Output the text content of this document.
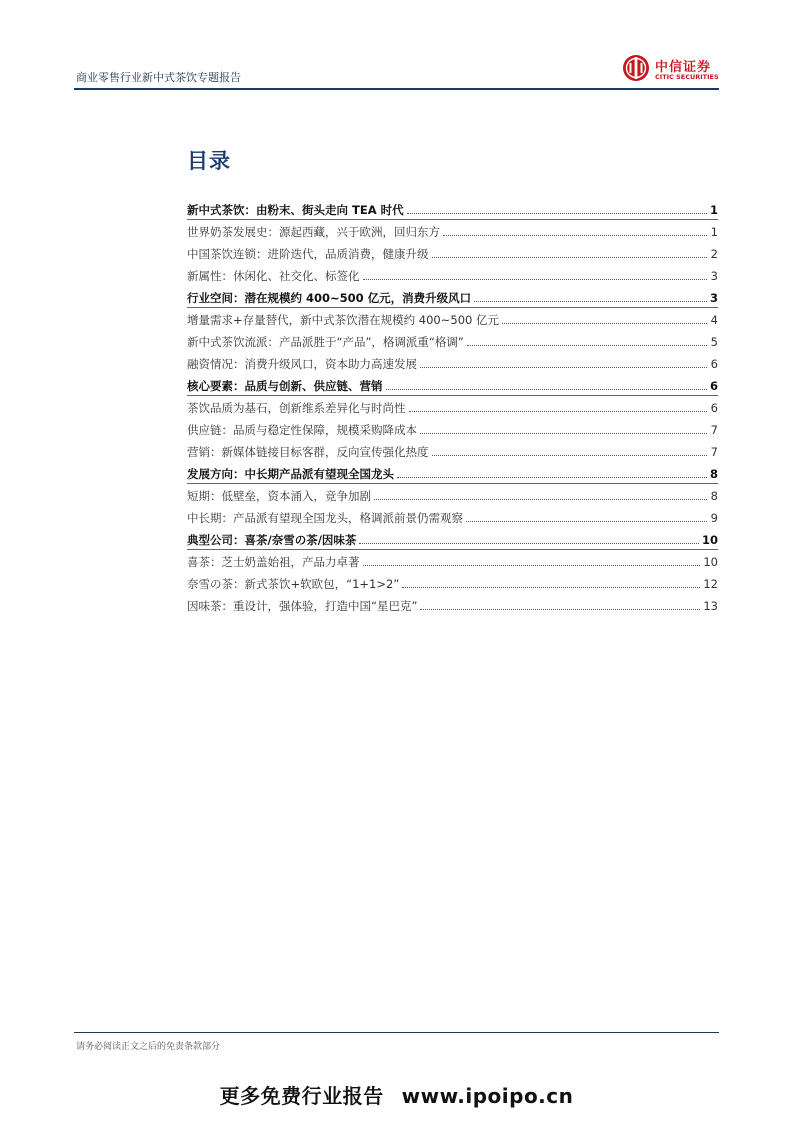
商业零售行业新中式茶饮专题报告
中信证券
CITIC SECURITIES
目录
新中式茶饮：由粉末、街头走向 TEA 时代	1
世界奶茶发展史：源起西藏，兴于欧洲，回归东方	1
中国茶饮连锁：进阶迭代，品质消费，健康升级	2
新属性：休闲化、社交化、标签化	3
行业空间：潜在规模约 400~500 亿元，消费升级风口	3
增量需求+存量替代，新中式茶饮潜在规模约 400~500 亿元	4
新中式茶饮流派：产品派胜于“产品”，格调派重“格调”	5
融资情况：消费升级风口，资本助力高速发展	6
核心要素：品质与创新、供应链、营销	6
茶饮品质为基石，创新维系差异化与时尚性	6
供应链：品质与稳定性保障，规模采购降成本	7
营销：新媒体链接目标客群，反向宣传强化热度	7
发展方向：中长期产品派有望现全国龙头	8
短期：低壁垒，资本涌入，竞争加剧	8
中长期：产品派有望现全国龙头，格调派前景仍需观察	9
典型公司：喜茶/奈雪の茶/因味茶	10
喜茶：芝士奶盖始祖，产品力卓著	10
奈雪の茶：新式茶饮+软欧包，“1+1>2”	12
因味茶：重设计，强体验，打造中国“星巴克”	13
请务必阅读正文之后的免责条款部分
更多免费行业报告 www.ipoipo.cn
